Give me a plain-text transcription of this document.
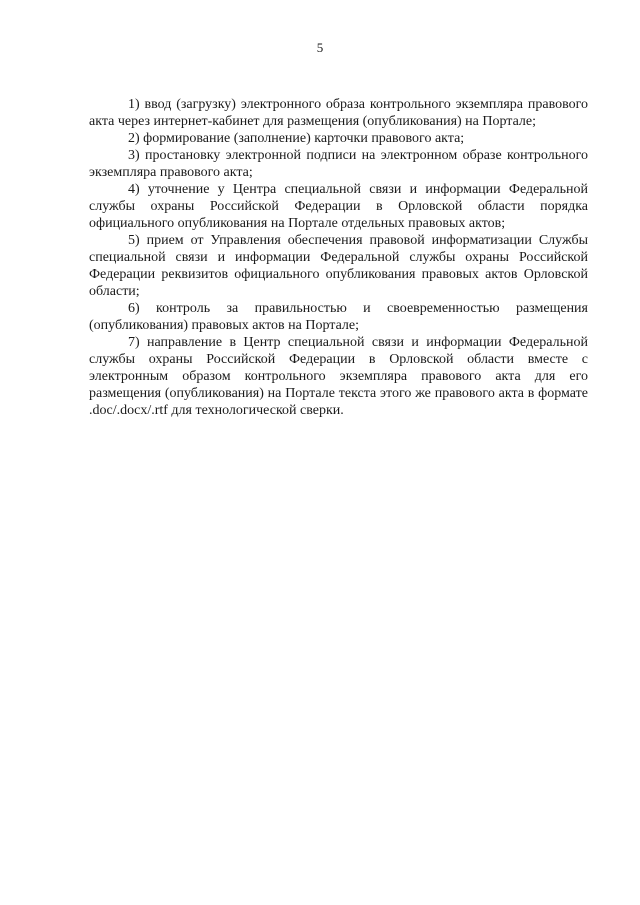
5

1) ввод (загрузку) электронного образа контрольного экземпляра правового акта через интернет-кабинет для размещения (опубликования) на Портале;

2) формирование (заполнение) карточки правового акта;

3) простановку электронной подписи на электронном образе контрольного экземпляра правового акта;

4) уточнение у Центра специальной связи и информации Федеральной службы охраны Российской Федерации в Орловской области порядка официального опубликования на Портале отдельных правовых актов;

5) прием от Управления обеспечения правовой информатизации Службы специальной связи и информации Федеральной службы охраны Российской Федерации реквизитов официального опубликования правовых актов Орловской области;

6) контроль за правильностью и своевременностью размещения (опубликования) правовых актов на Портале;

7) направление в Центр специальной связи и информации Федеральной службы охраны Российской Федерации в Орловской области вместе с электронным образом контрольного экземпляра правового акта для его размещения (опубликования) на Портале текста этого же правового акта в формате .doc/.docx/.rtf для технологической сверки.
